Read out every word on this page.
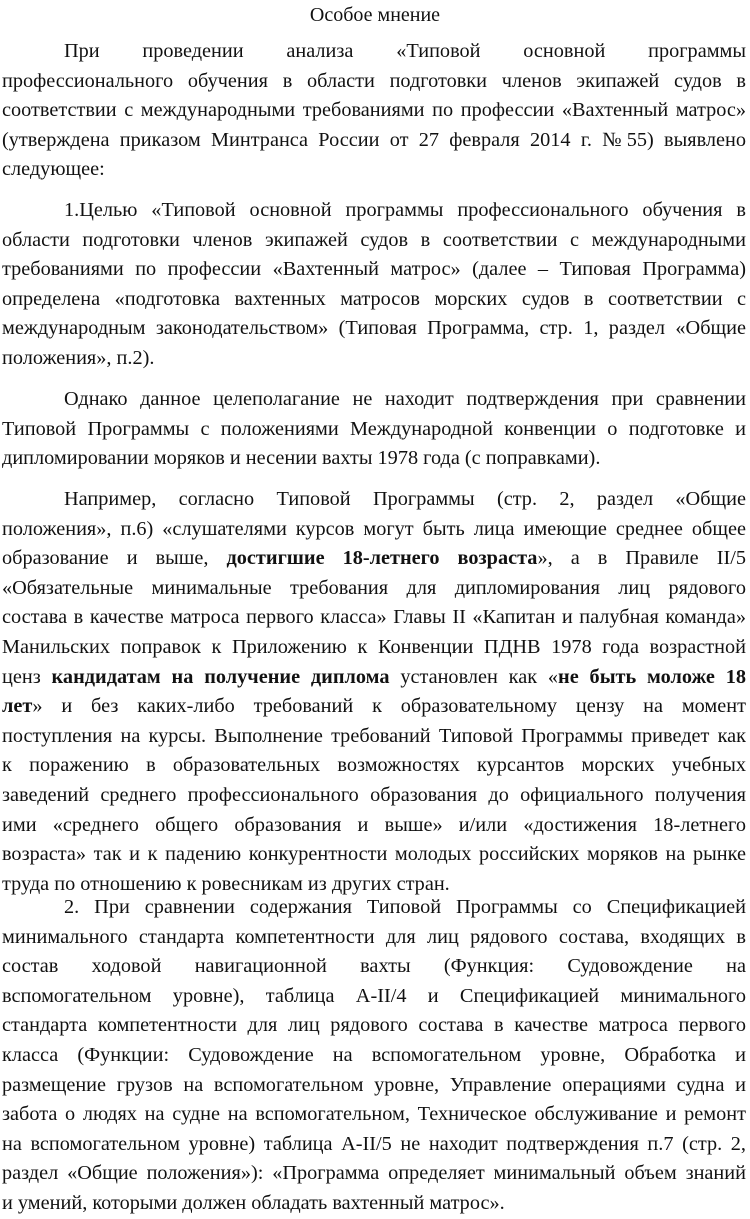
Особое мнение
При проведении анализа «Типовой основной программы
профессионального обучения в области подготовки членов экипажей судов в
соответствии с международными требованиями по профессии «Вахтенный матрос»
(утверждена приказом Минтранса России от 27 февраля 2014 г. №55) выявлено
следующее:
1.Целью «Типовой основной программы профессионального обучения в
области подготовки членов экипажей судов в соответствии с международными
требованиями по профессии «Вахтенный матрос» (далее – Типовая Программа)
определена «подготовка вахтенных матросов морских судов в соответствии с
международным законодательством» (Типовая Программа, стр. 1, раздел «Общие
положения», п.2).
Однако данное целеполагание не находит подтверждения при сравнении
Типовой Программы с положениями Международной конвенции о подготовке и
дипломировании моряков и несении вахты 1978 года (с поправками).
Например, согласно Типовой Программы (стр. 2, раздел «Общие
положения», п.6) «слушателями курсов могут быть лица имеющие среднее общее
образование и выше, достигшие 18-летнего возраста», а в Правиле II/5
«Обязательные минимальные требования для дипломирования лиц рядового
состава в качестве матроса первого класса» Главы II «Капитан и палубная команда»
Манильских поправок к Приложению к Конвенции ПДНВ 1978 года возрастной
ценз кандидатам на получение диплома установлен как «не быть моложе 18
лет» и без каких-либо требований к образовательному цензу на момент
поступления на курсы. Выполнение требований Типовой Программы приведет как
к поражению в образовательных возможностях курсантов морских учебных
заведений среднего профессионального образования до официального получения
ими «среднего общего образования и выше» и/или «достижения 18-летнего
возраста» так и к падению конкурентности молодых российских моряков на рынке
труда по отношению к ровесникам из других стран.
2. При сравнении содержания Типовой Программы со Спецификацией
минимального стандарта компетентности для лиц рядового состава, входящих в
состав ходовой навигационной вахты (Функция: Судовождение на
вспомогательном уровне), таблица А-II/4 и Спецификацией минимального
стандарта компетентности для лиц рядового состава в качестве матроса первого
класса (Функции: Судовождение на вспомогательном уровне, Обработка и
размещение грузов на вспомогательном уровне, Управление операциями судна и
забота о людях на судне на вспомогательном, Техническое обслуживание и ремонт
на вспомогательном уровне) таблица А-II/5 не находит подтверждения п.7 (стр. 2,
раздел «Общие положения»): «Программа определяет минимальный объем знаний
и умений, которыми должен обладать вахтенный матрос».
